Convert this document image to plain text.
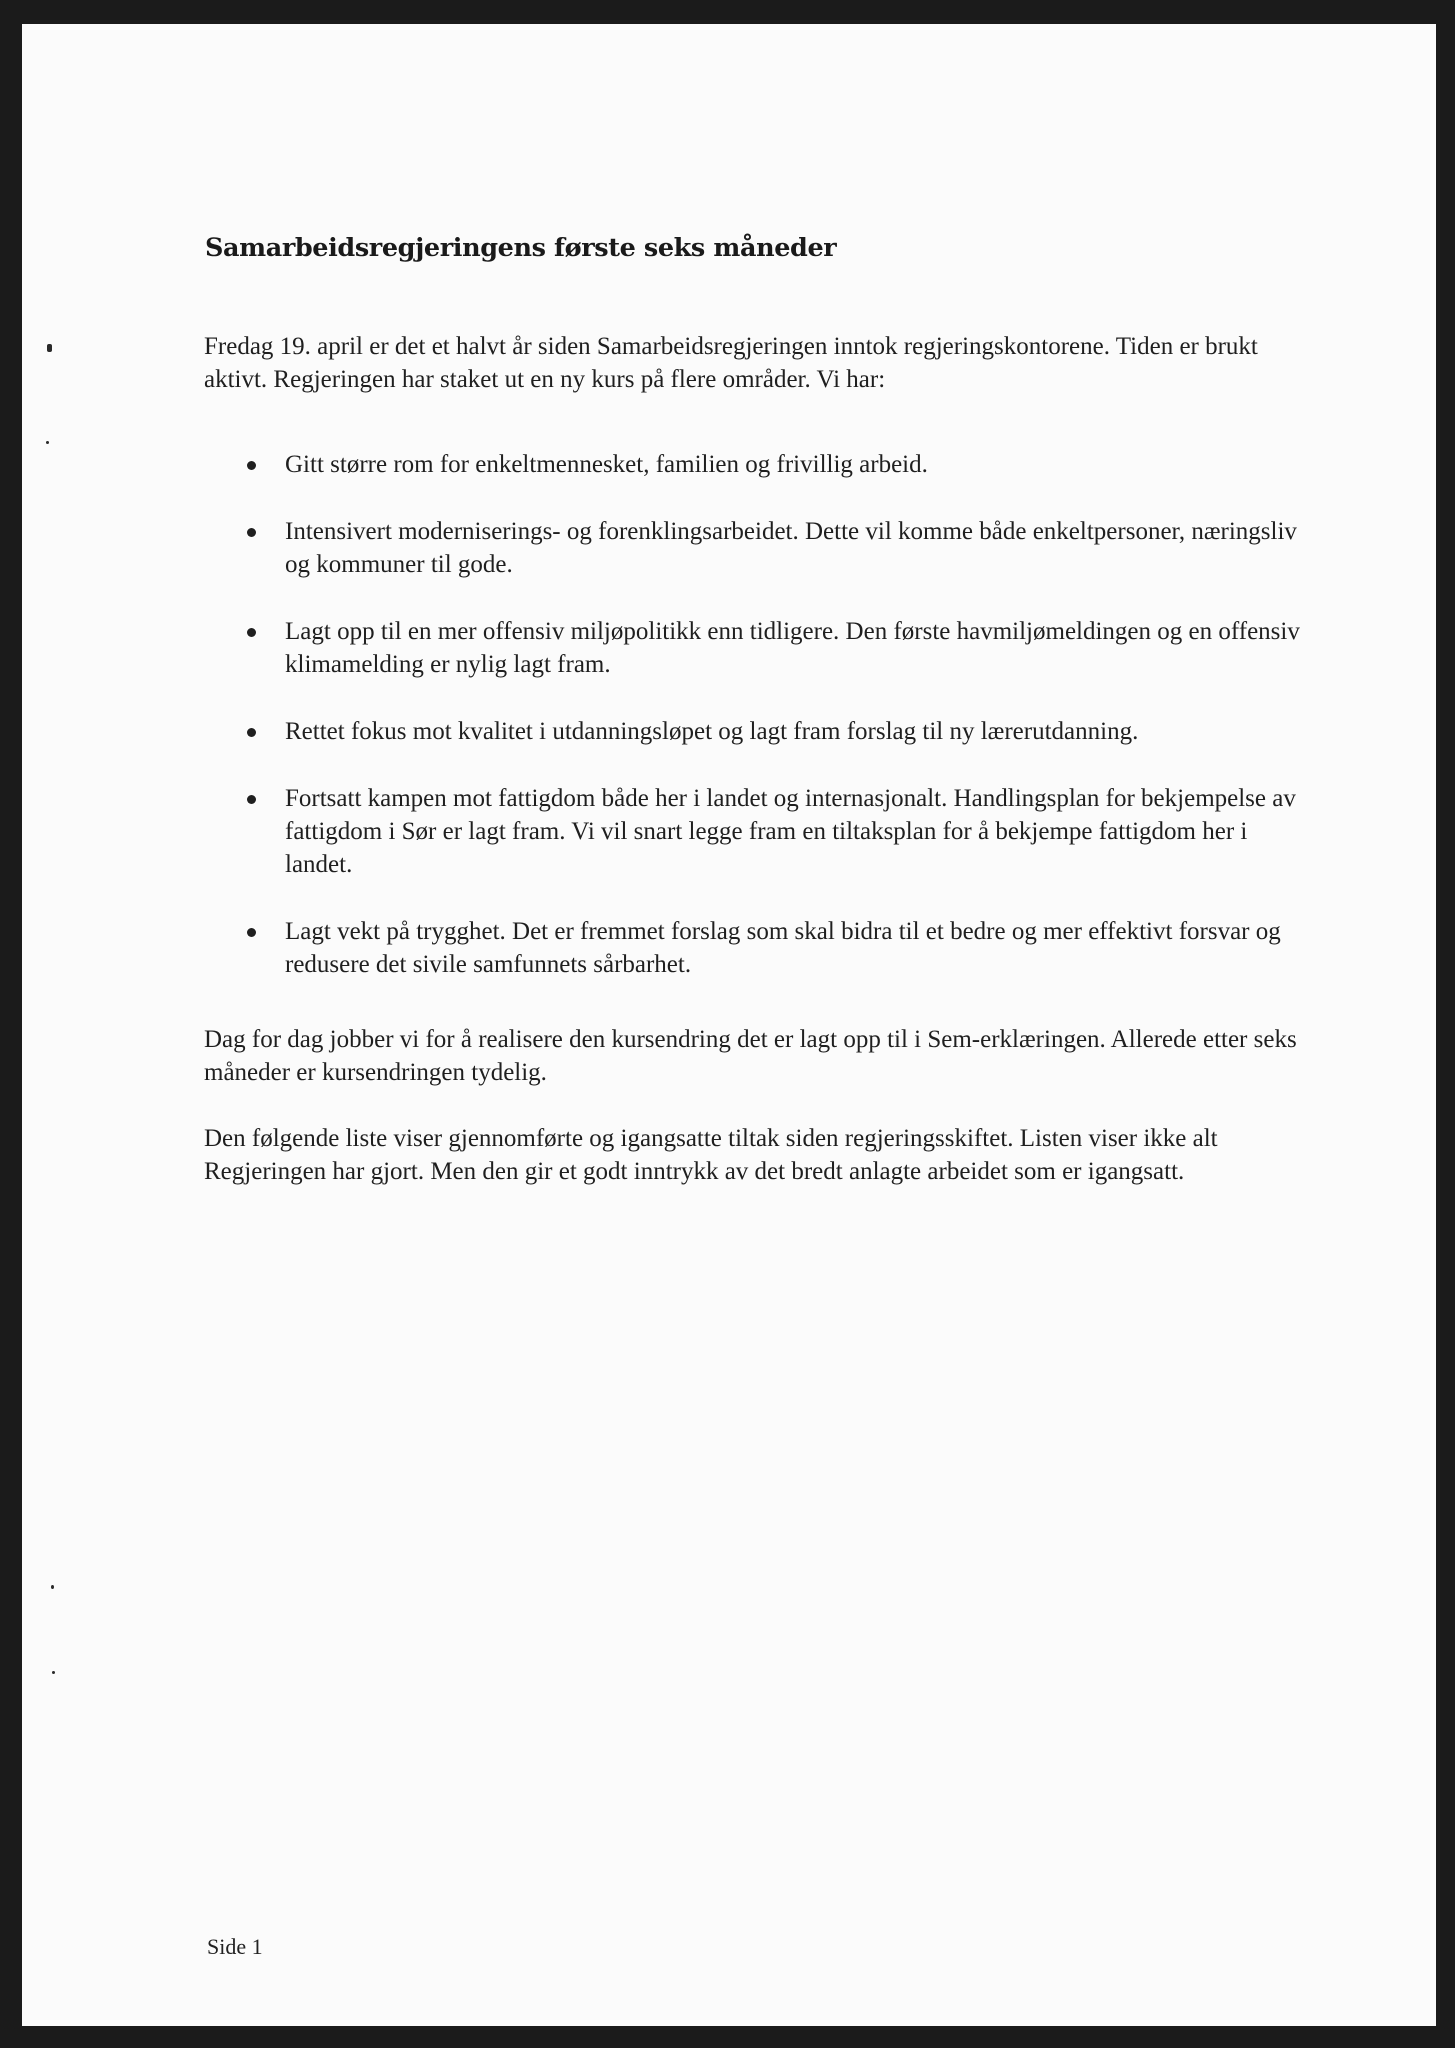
Samarbeidsregjeringens første seks måneder

Fredag 19. april er det et halvt år siden Samarbeidsregjeringen inntok regjeringskontorene. Tiden er brukt aktivt. Regjeringen har staket ut en ny kurs på flere områder. Vi har:

Gitt større rom for enkeltmennesket, familien og frivillig arbeid.
Intensivert moderniserings- og forenklingsarbeidet. Dette vil komme både enkeltpersoner, næringsliv og kommuner til gode.
Lagt opp til en mer offensiv miljøpolitikk enn tidligere. Den første havmiljømeldingen og en offensiv klimamelding er nylig lagt fram.
Rettet fokus mot kvalitet i utdanningsløpet og lagt fram forslag til ny lærerutdanning.
Fortsatt kampen mot fattigdom både her i landet og internasjonalt. Handlingsplan for bekjempelse av fattigdom i Sør er lagt fram. Vi vil snart legge fram en tiltaksplan for å bekjempe fattigdom her i landet.
Lagt vekt på trygghet. Det er fremmet forslag som skal bidra til et bedre og mer effektivt forsvar og redusere det sivile samfunnets sårbarhet.

Dag for dag jobber vi for å realisere den kursendring det er lagt opp til i Sem-erklæringen. Allerede etter seks måneder er kursendringen tydelig.

Den følgende liste viser gjennomførte og igangsatte tiltak siden regjeringsskiftet. Listen viser ikke alt Regjeringen har gjort. Men den gir et godt inntrykk av det bredt anlagte arbeidet som er igangsatt.

Side 1
